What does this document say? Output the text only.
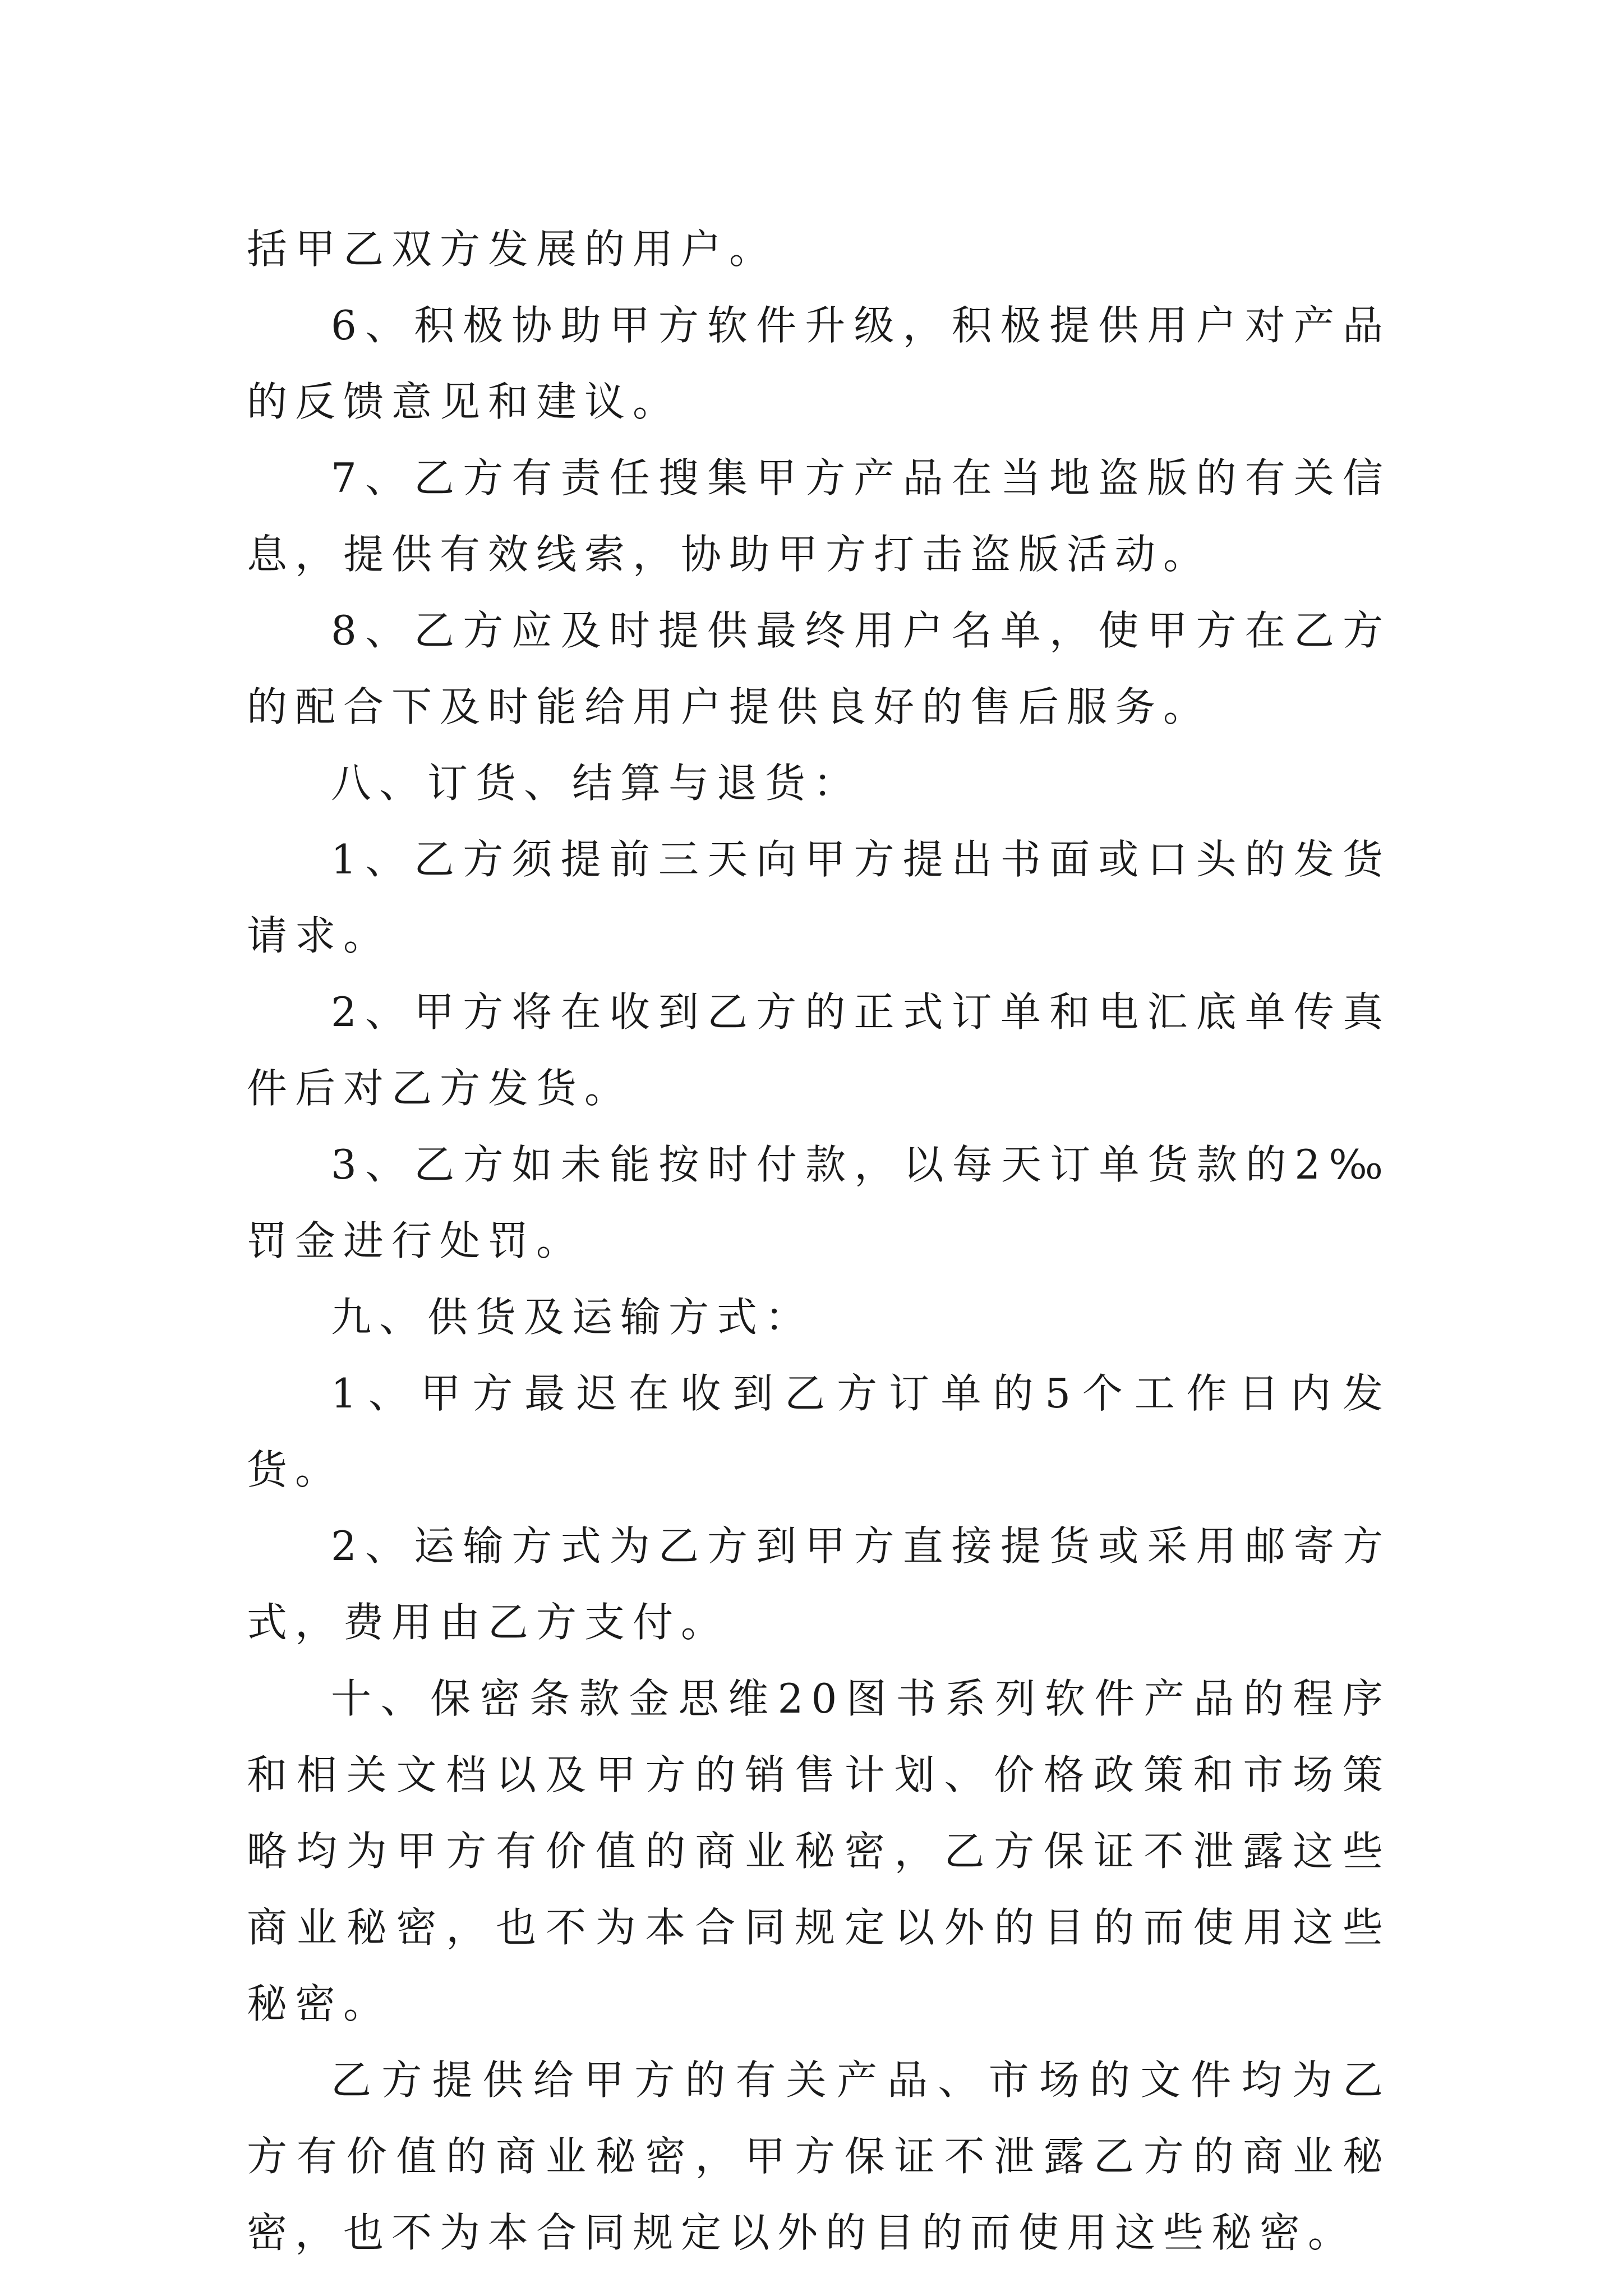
括甲乙双方发展的用户。

6、积极协助甲方软件升级，积极提供用户对产品的反馈意见和建议。

7、乙方有责任搜集甲方产品在当地盗版的有关信息，提供有效线索，协助甲方打击盗版活动。

8、乙方应及时提供最终用户名单，使甲方在乙方的配合下及时能给用户提供良好的售后服务。

八、订货、结算与退货：

1、乙方须提前三天向甲方提出书面或口头的发货请求。

2、甲方将在收到乙方的正式订单和电汇底单传真件后对乙方发货。

3、乙方如未能按时付款，以每天订单货款的2‰罚金进行处罚。

九、供货及运输方式：

1、甲方最迟在收到乙方订单的5个工作日内发货。

2、运输方式为乙方到甲方直接提货或采用邮寄方式，费用由乙方支付。

十、保密条款金思维20图书系列软件产品的程序和相关文档以及甲方的销售计划、价格政策和市场策略均为甲方有价值的商业秘密，乙方保证不泄露这些商业秘密，也不为本合同规定以外的目的而使用这些秘密。

乙方提供给甲方的有关产品、市场的文件均为乙方有价值的商业秘密，甲方保证不泄露乙方的商业秘密，也不为本合同规定以外的目的而使用这些秘密。
